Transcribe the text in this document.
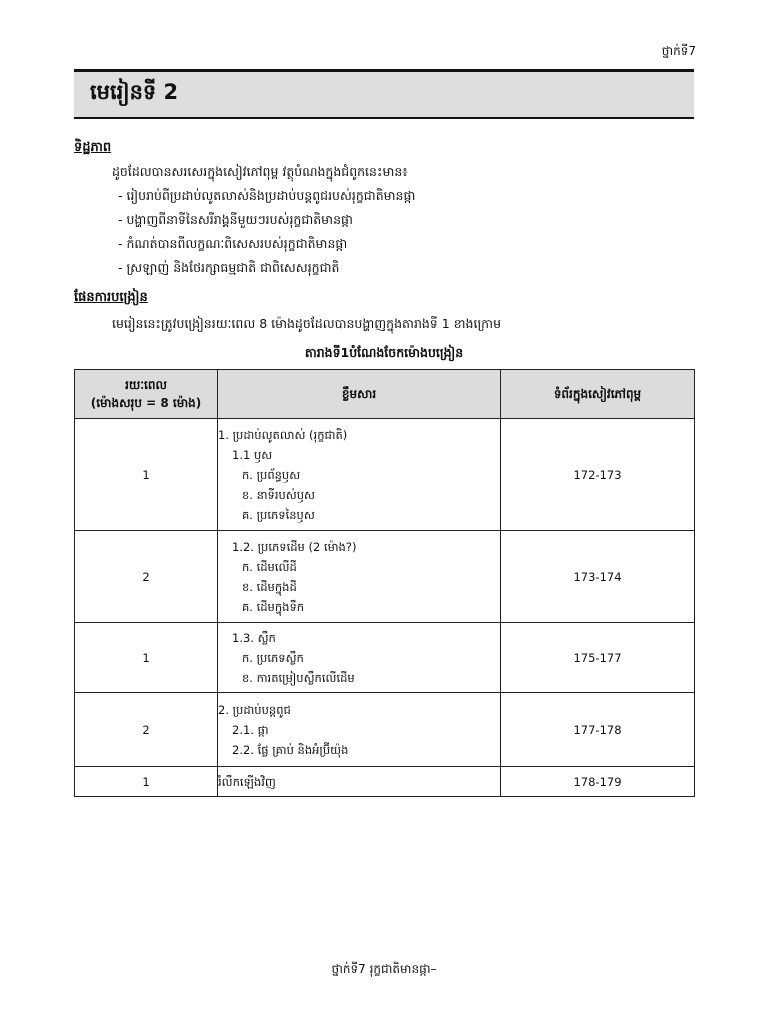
ថ្នាក់ទី7
មេរៀនទី 2
ទិដ្ឋភាព
ដូចដែលបានសរសេរក្នុងសៀវភៅពុម្ព វត្ថុបំណងក្នុងជំពូកនេះមាន៖
- រៀបរាប់ពីប្រដាប់លូតលាស់និងប្រដាប់បន្តពូជរបស់រុក្ខជាតិមានផ្កា
- បង្ហាញពីនាទីនៃសរីរាង្គនីមួយៗរបស់រុក្ខជាតិមានផ្កា
- កំណត់បានពីលក្ខណៈពិសេសរបស់រុក្ខជាតិមានផ្កា
- ស្រឡាញ់ និងថែរក្សាធម្មជាតិ ជាពិសេសរុក្ខជាតិ
ផែនការបង្រៀន
មេរៀននេះត្រូវបង្រៀនរយៈពេល 8 ម៉ោងដូចដែលបានបង្ហាញក្នុងតារាងទី 1 ខាងក្រោម
តារាងទី1បំណែងចែកម៉ោងបង្រៀន
រយៈពេល
(ម៉ោងសរុប = 8 ម៉ោង)	ខ្លឹមសារ	ទំព័រក្នុងសៀវភៅពុម្ព
1	1. ប្រដាប់លូតលាស់ (រុក្ខជាតិ)
1.1 ឫស
ក. ប្រព័ន្ធឫស
ខ. នាទីរបស់ឫស
គ. ប្រភេទនៃឫស	172-173
2	1.2. ប្រភេទដើម (2 ម៉ោង?)
ក. ដើមលើដី
ខ. ដើមក្នុងដី
គ. ដើមក្នុងទឹក	173-174
1	1.3. ស្លឹក
ក. ប្រភេទស្លឹក
ខ. ការតម្រៀបស្លឹកលើដើម	175-177
2	2. ប្រដាប់បន្តពូជ
2.1. ផ្កា
2.2. ផ្លែ គ្រាប់ និងអំប្រ៊ីយ៉ុង	177-178
1	រំលឹកឡើងវិញ	178-179
ថ្នាក់ទី7 រុក្ខជាតិមានផ្កា–
